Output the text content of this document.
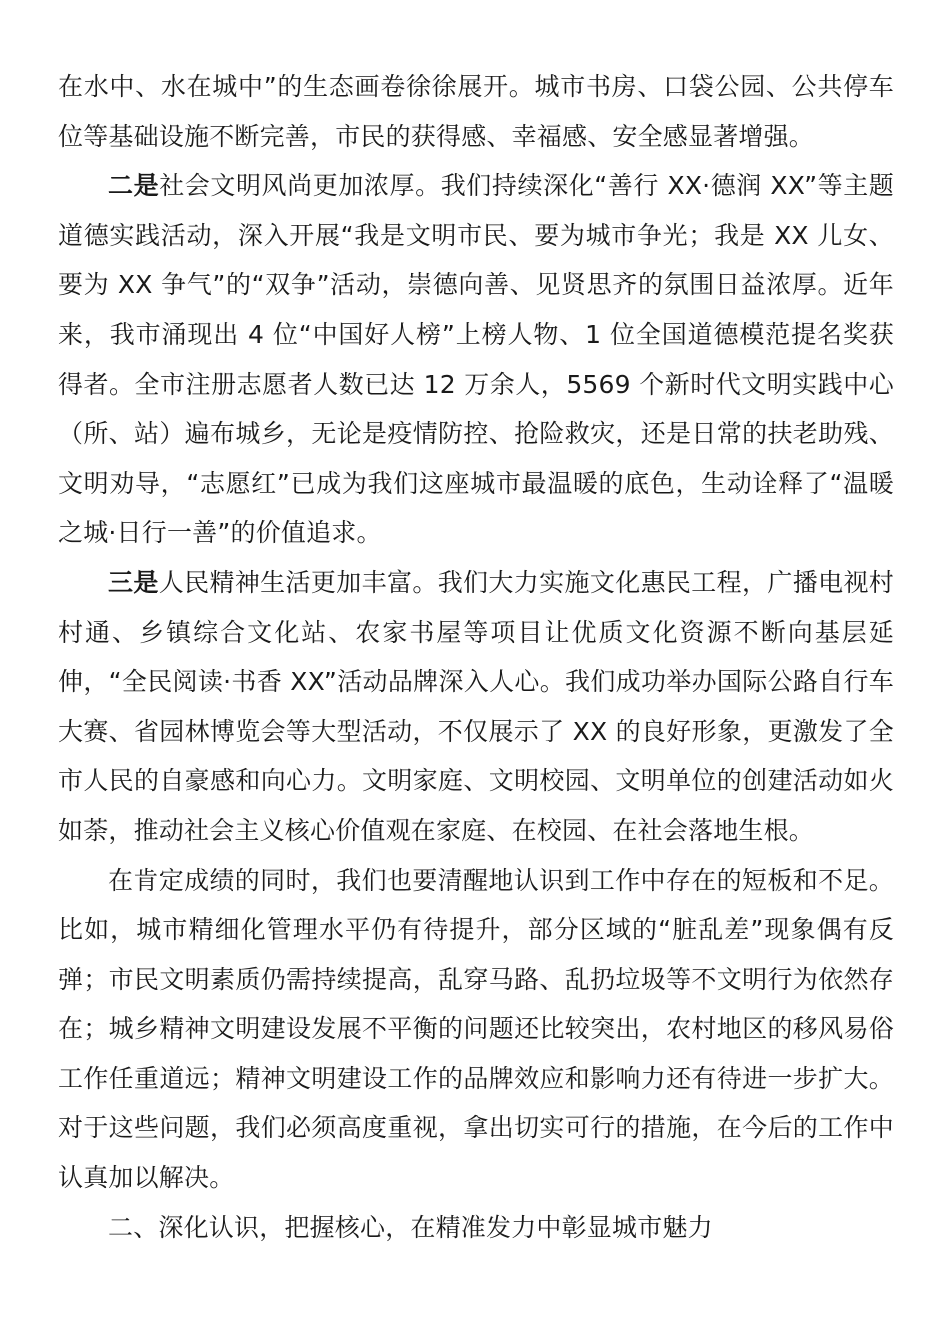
在水中、水在城中”的生态画卷徐徐展开。城市书房、口袋公园、公共停车位等基础设施不断完善，市民的获得感、幸福感、安全感显著增强。

二是社会文明风尚更加浓厚。我们持续深化“善行 XX·德润 XX”等主题道德实践活动，深入开展“我是文明市民、要为城市争光；我是 XX 儿女、要为 XX 争气”的“双争”活动，崇德向善、见贤思齐的氛围日益浓厚。近年来，我市涌现出 4 位“中国好人榜”上榜人物、1 位全国道德模范提名奖获得者。全市注册志愿者人数已达 12 万余人，5569 个新时代文明实践中心（所、站）遍布城乡，无论是疫情防控、抢险救灾，还是日常的扶老助残、文明劝导，“志愿红”已成为我们这座城市最温暖的底色，生动诠释了“温暖之城·日行一善”的价值追求。

三是人民精神生活更加丰富。我们大力实施文化惠民工程，广播电视村村通、乡镇综合文化站、农家书屋等项目让优质文化资源不断向基层延伸，“全民阅读·书香 XX”活动品牌深入人心。我们成功举办国际公路自行车大赛、省园林博览会等大型活动，不仅展示了 XX 的良好形象，更激发了全市人民的自豪感和向心力。文明家庭、文明校园、文明单位的创建活动如火如荼，推动社会主义核心价值观在家庭、在校园、在社会落地生根。

在肯定成绩的同时，我们也要清醒地认识到工作中存在的短板和不足。比如，城市精细化管理水平仍有待提升，部分区域的“脏乱差”现象偶有反弹；市民文明素质仍需持续提高，乱穿马路、乱扔垃圾等不文明行为依然存在；城乡精神文明建设发展不平衡的问题还比较突出，农村地区的移风易俗工作任重道远；精神文明建设工作的品牌效应和影响力还有待进一步扩大。对于这些问题，我们必须高度重视，拿出切实可行的措施，在今后的工作中认真加以解决。

二、深化认识，把握核心，在精准发力中彰显城市魅力
